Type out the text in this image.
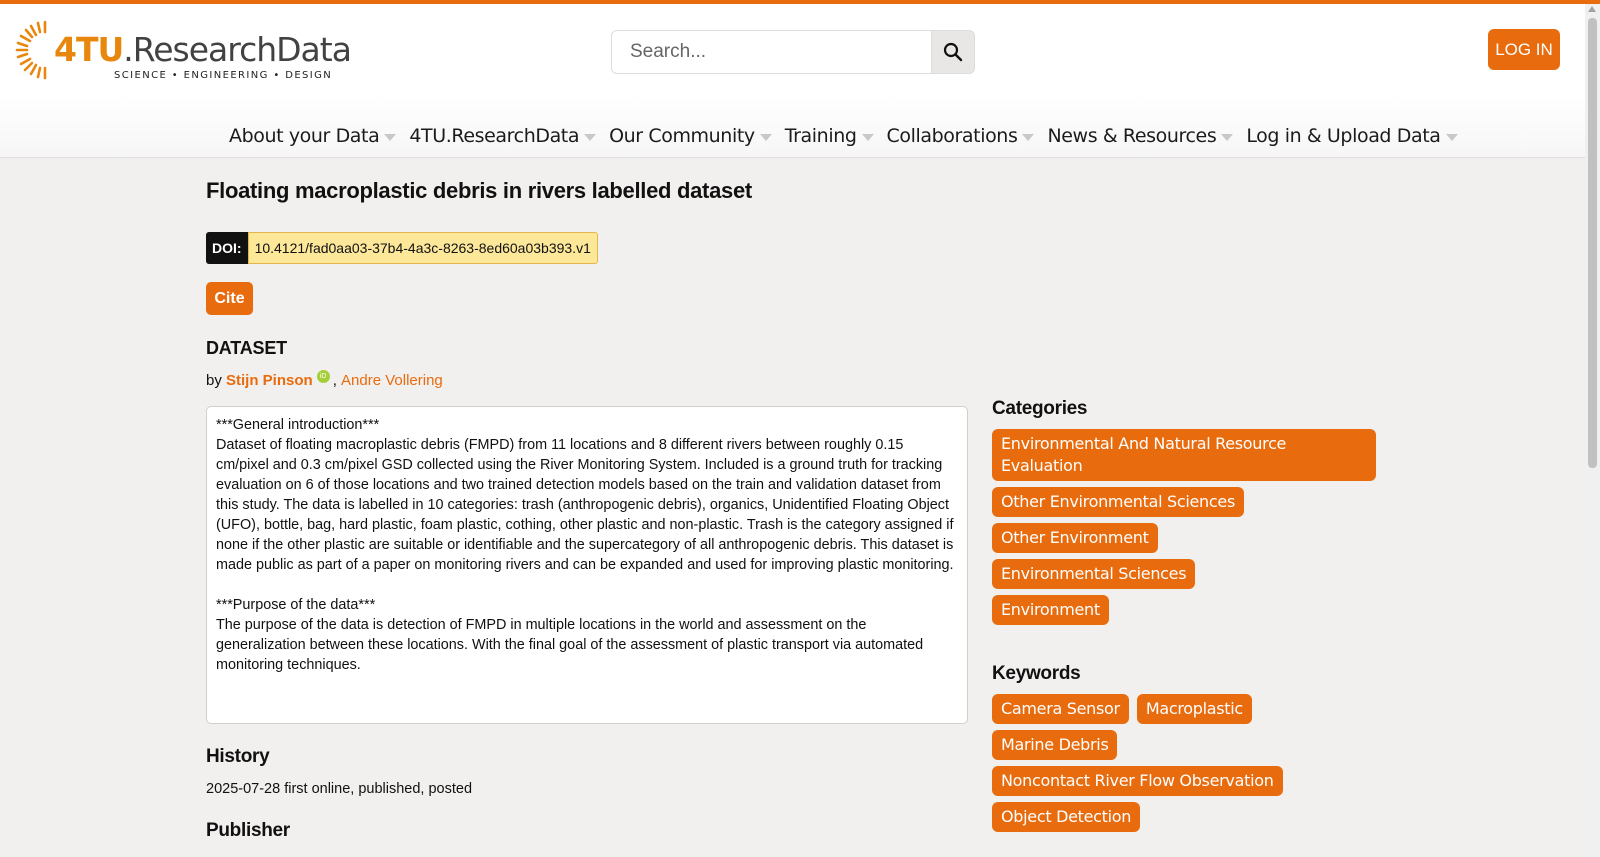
4TU.ResearchData
SCIENCE • ENGINEERING • DESIGN
Search...
LOG IN
About your Data 4TU.ResearchData Our Community Training Collaborations News & Resources Log in & Upload Data
Floating macroplastic debris in rivers labelled dataset
DOI: 10.4121/fad0aa03-37b4-4a3c-8263-8ed60a03b393.v1
Cite
DATASET
by
Stijn Pinson	iD ,
Andre Vollering

***General introduction***

Dataset of floating macroplastic debris (FMPD) from 11 locations and 8 different rivers between roughly 0.15 cm/pixel and 0.3 cm/pixel GSD collected using the River Monitoring System. Included is a ground truth for tracking evaluation on 6 of those locations and two trained detection models based on the train and validation dataset from this study. The data is labelled in 10 categories: trash (anthropogenic debris), organics, Unidentified Floating Object (UFO), bottle, bag, hard plastic, foam plastic, cothing, other plastic and non-plastic. Trash is the category assigned if none if the other plastic are suitable or identifiable and the supercategory of all anthropogenic debris. This dataset is made public as part of a paper on monitoring rivers and can be expanded and used for improving plastic monitoring.

***Purpose of the data***

The purpose of the data is detection of FMPD in multiple locations in the world and assessment on the generalization between these locations. With the final goal of the assessment of plastic transport via automated monitoring techniques.

History
2025-07-28 first online, published, posted
Publisher
Categories
Environmental And Natural Resource Evaluation
Other Environmental Sciences
Other Environment
Environmental Sciences
Environment
Keywords
Camera Sensor	Macroplastic
Marine Debris
Noncontact River Flow Observation
Object Detection
